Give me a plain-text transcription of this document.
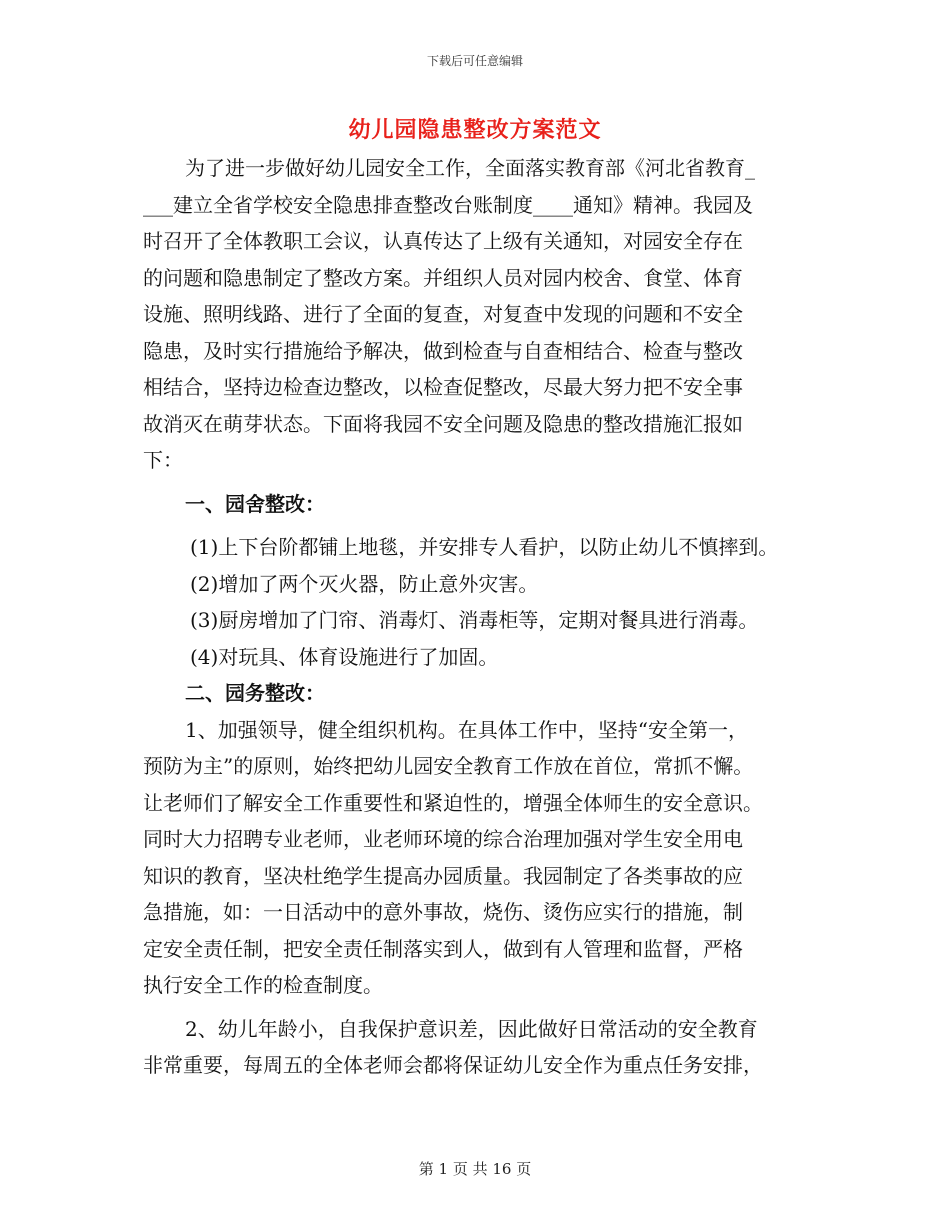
下载后可任意编辑
幼儿园隐患整改方案范文
为了进一步做好幼儿园安全工作，全面落实教育部《河北省教育_
___建立全省学校安全隐患排查整改台账制度____通知》精神。我园及
时召开了全体教职工会议，认真传达了上级有关通知，对园安全存在
的问题和隐患制定了整改方案。并组织人员对园内校舍、食堂、体育
设施、照明线路、进行了全面的复查，对复查中发现的问题和不安全
隐患，及时实行措施给予解决，做到检查与自查相结合、检查与整改
相结合，坚持边检查边整改，以检查促整改，尽最大努力把不安全事
故消灭在萌芽状态。下面将我园不安全问题及隐患的整改措施汇报如
下：
一、园舍整改：
(1)上下台阶都铺上地毯，并安排专人看护，以防止幼儿不慎摔到。
(2)增加了两个灭火器，防止意外灾害。
(3)厨房增加了门帘、消毒灯、消毒柜等，定期对餐具进行消毒。
(4)对玩具、体育设施进行了加固。
二、园务整改：
1、加强领导，健全组织机构。在具体工作中，坚持“安全第一，
预防为主”的原则，始终把幼儿园安全教育工作放在首位，常抓不懈。
让老师们了解安全工作重要性和紧迫性的，增强全体师生的安全意识。
同时大力招聘专业老师，业老师环境的综合治理加强对学生安全用电
知识的教育，坚决杜绝学生提高办园质量。我园制定了各类事故的应
急措施，如：一日活动中的意外事故，烧伤、烫伤应实行的措施，制
定安全责任制，把安全责任制落实到人，做到有人管理和监督，严格
执行安全工作的检查制度。
2、幼儿年龄小，自我保护意识差，因此做好日常活动的安全教育
非常重要，每周五的全体老师会都将保证幼儿安全作为重点任务安排，
第 1 页 共 16 页
